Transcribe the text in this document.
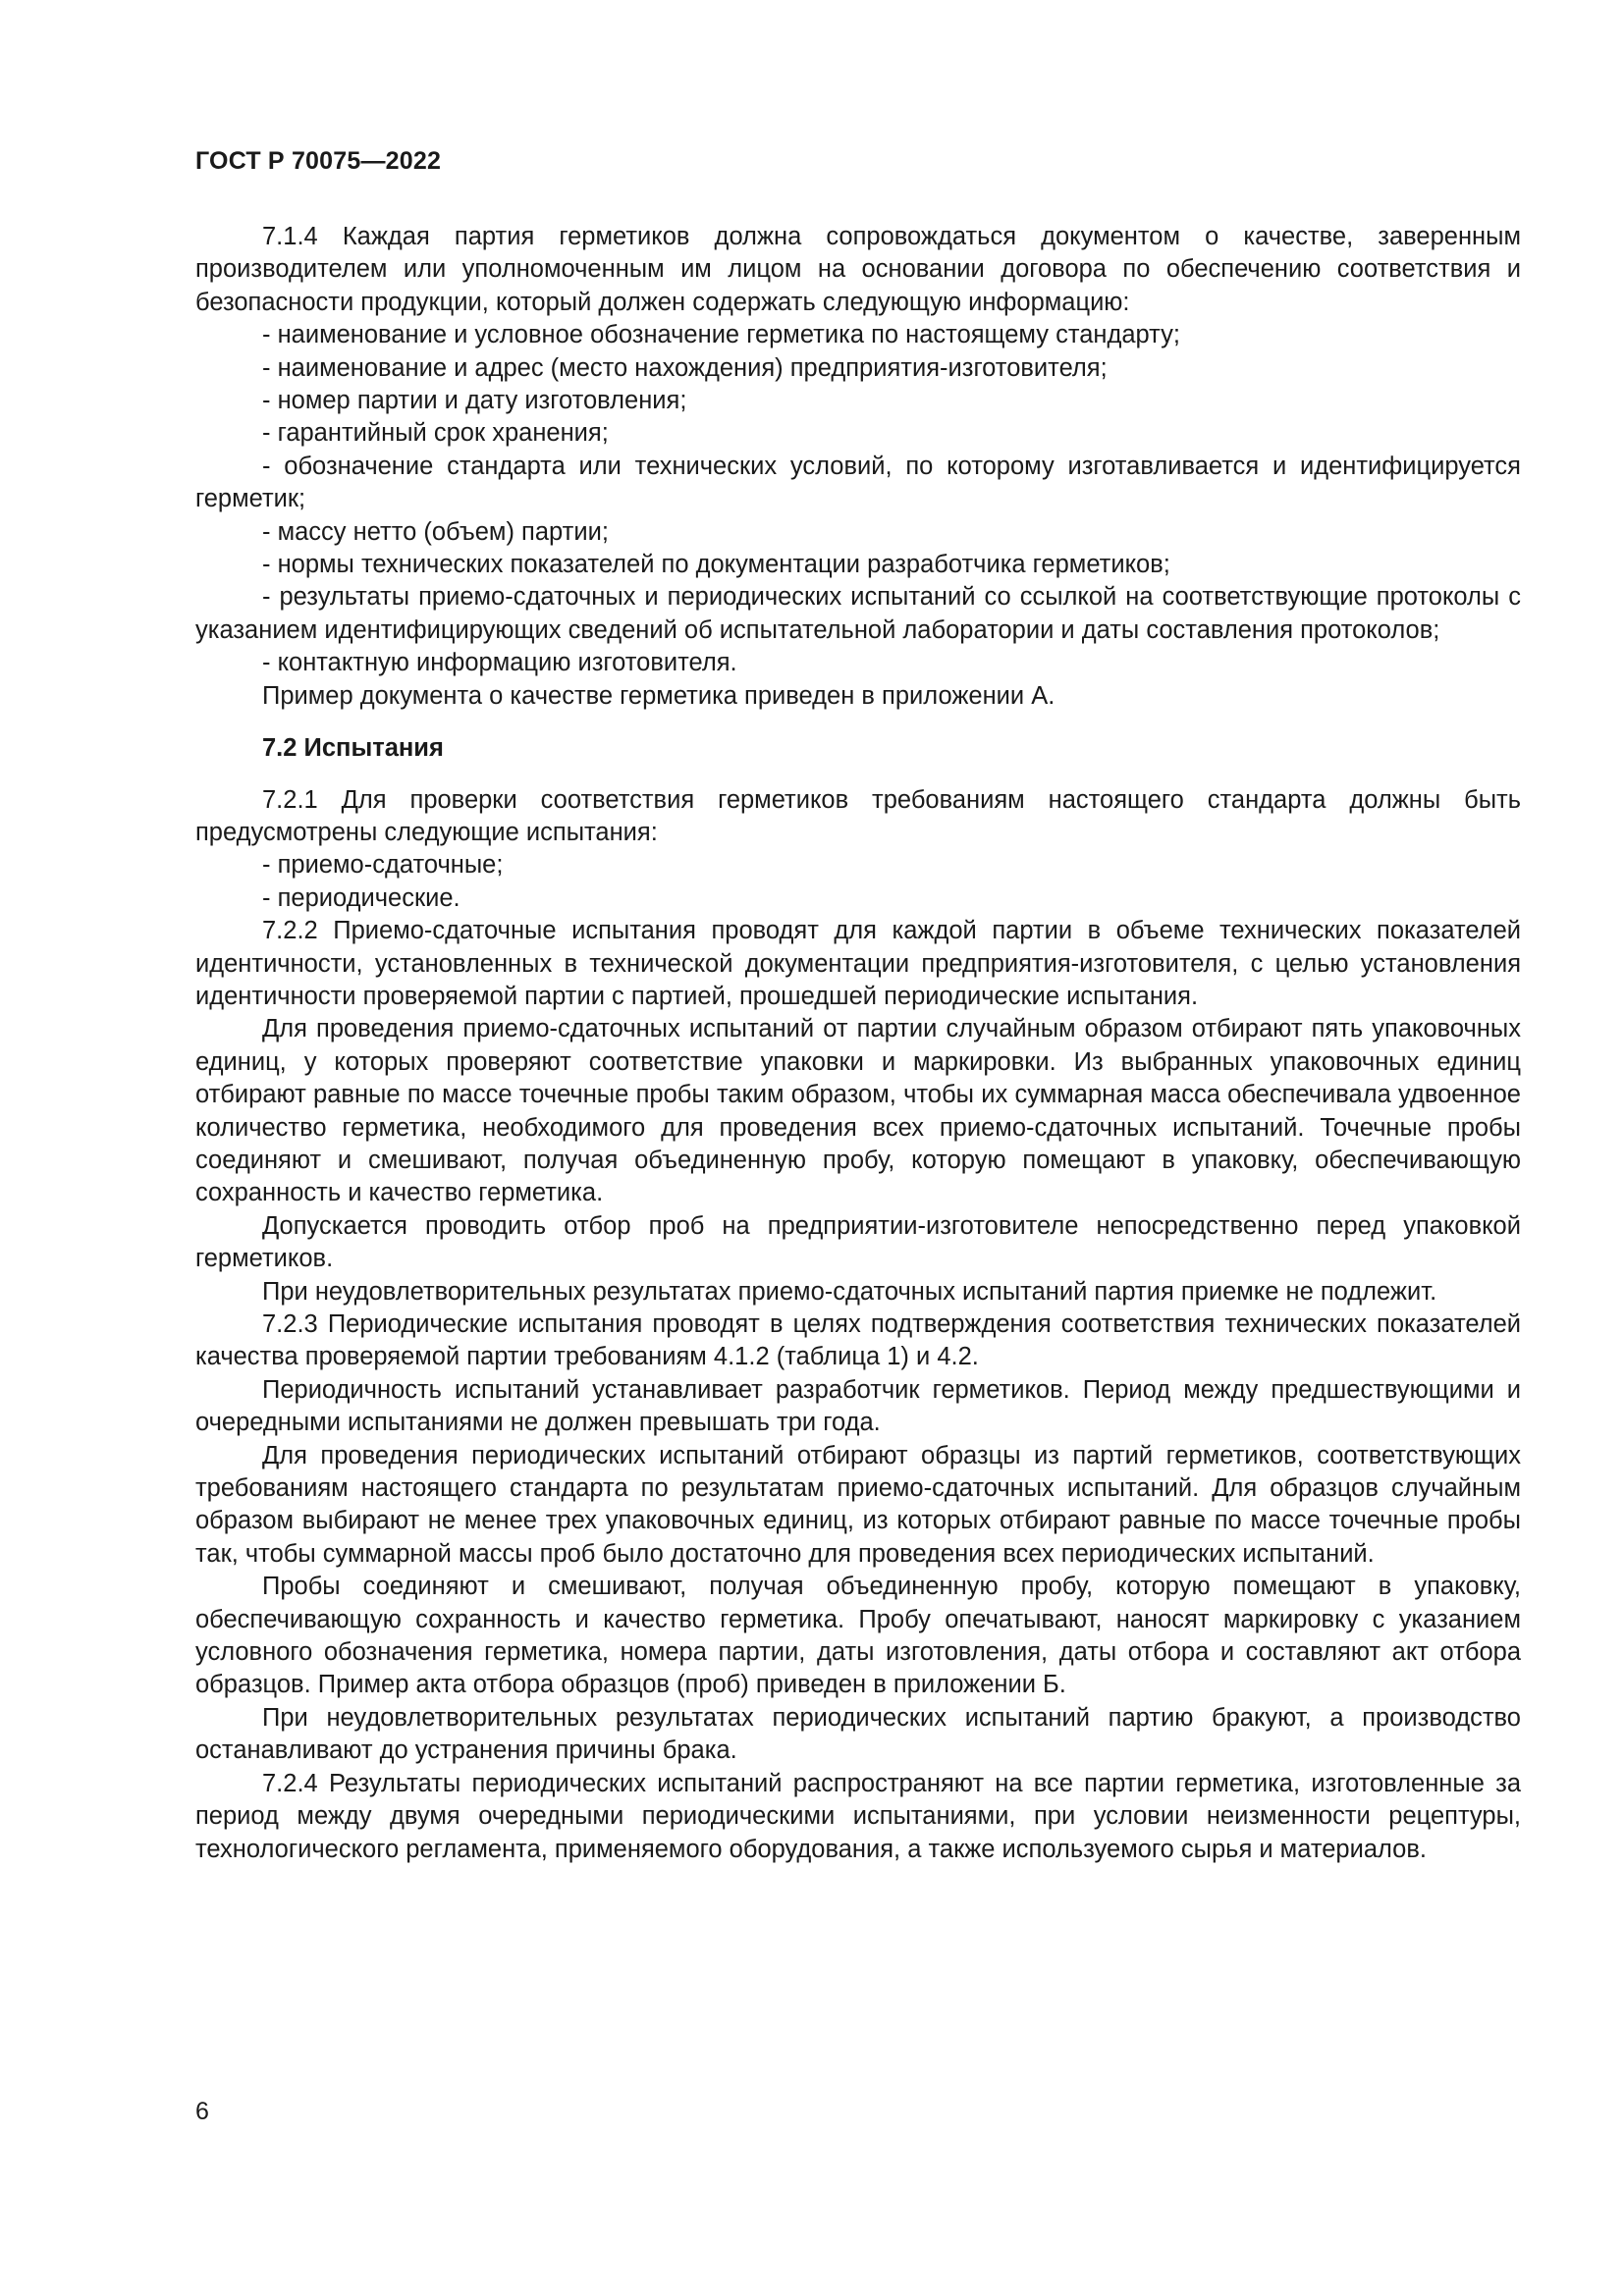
ГОСТ Р 70075—2022

7.1.4 Каждая партия герметиков должна сопровождаться документом о качестве, заверенным производителем или уполномоченным им лицом на основании договора по обеспечению соответствия и безопасности продукции, который должен содержать следующую информацию:

- наименование и условное обозначение герметика по настоящему стандарту;

- наименование и адрес (место нахождения) предприятия-изготовителя;

- номер партии и дату изготовления;

- гарантийный срок хранения;

- обозначение стандарта или технических условий, по которому изготавливается и идентифицируется герметик;

- массу нетто (объем) партии;

- нормы технических показателей по документации разработчика герметиков;

- результаты приемо-сдаточных и периодических испытаний со ссылкой на соответствующие протоколы с указанием идентифицирующих сведений об испытательной лаборатории и даты составления протоколов;

- контактную информацию изготовителя.

Пример документа о качестве герметика приведен в приложении А.

7.2 Испытания

7.2.1 Для проверки соответствия герметиков требованиям настоящего стандарта должны быть предусмотрены следующие испытания:

- приемо-сдаточные;

- периодические.

7.2.2 Приемо-сдаточные испытания проводят для каждой партии в объеме технических показателей идентичности, установленных в технической документации предприятия-изготовителя, с целью установления идентичности проверяемой партии с партией, прошедшей периодические испытания.

Для проведения приемо-сдаточных испытаний от партии случайным образом отбирают пять упаковочных единиц, у которых проверяют соответствие упаковки и маркировки. Из выбранных упаковочных единиц отбирают равные по массе точечные пробы таким образом, чтобы их суммарная масса обеспечивала удвоенное количество герметика, необходимого для проведения всех приемо-сдаточных испытаний. Точечные пробы соединяют и смешивают, получая объединенную пробу, которую помещают в упаковку, обеспечивающую сохранность и качество герметика.

Допускается проводить отбор проб на предприятии-изготовителе непосредственно перед упаковкой герметиков.

При неудовлетворительных результатах приемо-сдаточных испытаний партия приемке не подлежит.

7.2.3 Периодические испытания проводят в целях подтверждения соответствия технических показателей качества проверяемой партии требованиям 4.1.2 (таблица 1) и 4.2.

Периодичность испытаний устанавливает разработчик герметиков. Период между предшествующими и очередными испытаниями не должен превышать три года.

Для проведения периодических испытаний отбирают образцы из партий герметиков, соответствующих требованиям настоящего стандарта по результатам приемо-сдаточных испытаний. Для образцов случайным образом выбирают не менее трех упаковочных единиц, из которых отбирают равные по массе точечные пробы так, чтобы суммарной массы проб было достаточно для проведения всех периодических испытаний.

Пробы соединяют и смешивают, получая объединенную пробу, которую помещают в упаковку, обеспечивающую сохранность и качество герметика. Пробу опечатывают, наносят маркировку с указанием условного обозначения герметика, номера партии, даты изготовления, даты отбора и составляют акт отбора образцов. Пример акта отбора образцов (проб) приведен в приложении Б.

При неудовлетворительных результатах периодических испытаний партию бракуют, а производство останавливают до устранения причины брака.

7.2.4 Результаты периодических испытаний распространяют на все партии герметика, изготовленные за период между двумя очередными периодическими испытаниями, при условии неизменности рецептуры, технологического регламента, применяемого оборудования, а также используемого сырья и материалов.

6
